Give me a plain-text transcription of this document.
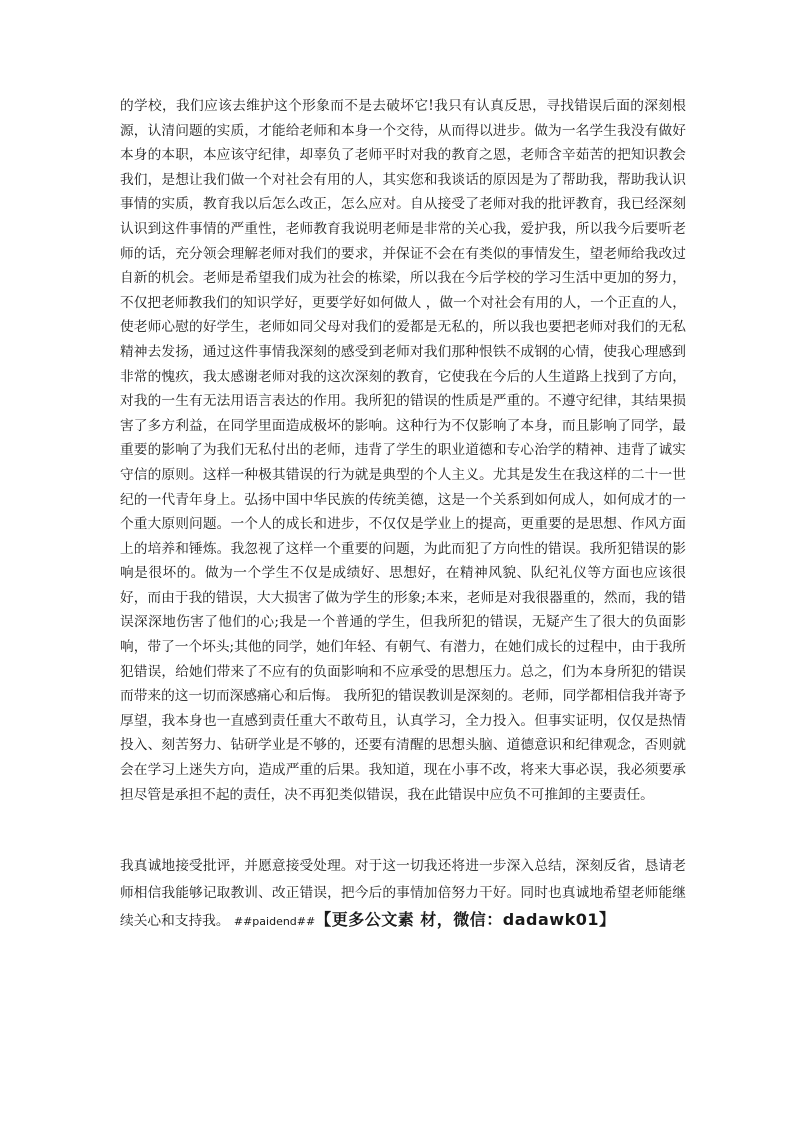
的学校，我们应该去维护这个形象而不是去破坏它!我只有认真反思，寻找错误后面的深刻根源，认清问题的实质，才能给老师和本身一个交待，从而得以进步。做为一名学生我没有做好本身的本职，本应该守纪律，却辜负了老师平时对我的教育之恩，老师含辛茹苦的把知识教会我们，是想让我们做一个对社会有用的人，其实您和我谈话的原因是为了帮助我，帮助我认识事情的实质，教育我以后怎么改正，怎么应对。自从接受了老师对我的批评教育，我已经深刻认识到这件事情的严重性，老师教育我说明老师是非常的关心我，爱护我，所以我今后要听老师的话，充分领会理解老师对我们的要求，并保证不会在有类似的事情发生，望老师给我改过自新的机会。老师是希望我们成为社会的栋梁，所以我在今后学校的学习生活中更加的努力，不仅把老师教我们的知识学好，更要学好如何做人 ，做一个对社会有用的人，一个正直的人，使老师心慰的好学生，老师如同父母对我们的爱都是无私的，所以我也要把老师对我们的无私精神去发扬，通过这件事情我深刻的感受到老师对我们那种恨铁不成钢的心情，使我心理感到非常的愧疚，我太感谢老师对我的这次深刻的教育，它使我在今后的人生道路上找到了方向，对我的一生有无法用语言表达的作用。我所犯的错误的性质是严重的。不遵守纪律，其结果损害了多方利益，在同学里面造成极坏的影响。这种行为不仅影响了本身，而且影响了同学，最重要的影响了为我们无私付出的老师，违背了学生的职业道德和专心治学的精神、违背了诚实守信的原则。这样一种极其错误的行为就是典型的个人主义。尤其是发生在我这样的二十一世纪的一代青年身上。弘扬中国中华民族的传统美德，这是一个关系到如何成人，如何成才的一个重大原则问题。一个人的成长和进步，不仅仅是学业上的提高，更重要的是思想、作风方面上的培养和锤炼。我忽视了这样一个重要的问题，为此而犯了方向性的错误。我所犯错误的影响是很坏的。做为一个学生不仅是成绩好、思想好，在精神风貌、队纪礼仪等方面也应该很好，而由于我的错误，大大损害了做为学生的形象;本来，老师是对我很器重的，然而，我的错误深深地伤害了他们的心;我是一个普通的学生，但我所犯的错误，无疑产生了很大的负面影响，带了一个坏头;其他的同学，她们年轻、有朝气、有潜力，在她们成长的过程中，由于我所犯错误，给她们带来了不应有的负面影响和不应承受的思想压力。总之，们为本身所犯的错误而带来的这一切而深感痛心和后悔。 我所犯的错误教训是深刻的。老师，同学都相信我并寄予厚望，我本身也一直感到责任重大不敢苟且，认真学习，全力投入。但事实证明，仅仅是热情投入、刻苦努力、钻研学业是不够的，还要有清醒的思想头脑、道德意识和纪律观念，否则就会在学习上迷失方向，造成严重的后果。我知道，现在小事不改，将来大事必误，我必须要承担尽管是承担不起的责任，决不再犯类似错误，我在此错误中应负不可推卸的主要责任。

我真诚地接受批评，并愿意接受处理。对于这一切我还将进一步深入总结，深刻反省，恳请老师相信我能够记取教训、改正错误，把今后的事情加倍努力干好。同时也真诚地希望老师能继续关心和支持我。 ##paidend##【更多公文素 材，微信：dadawk01】
